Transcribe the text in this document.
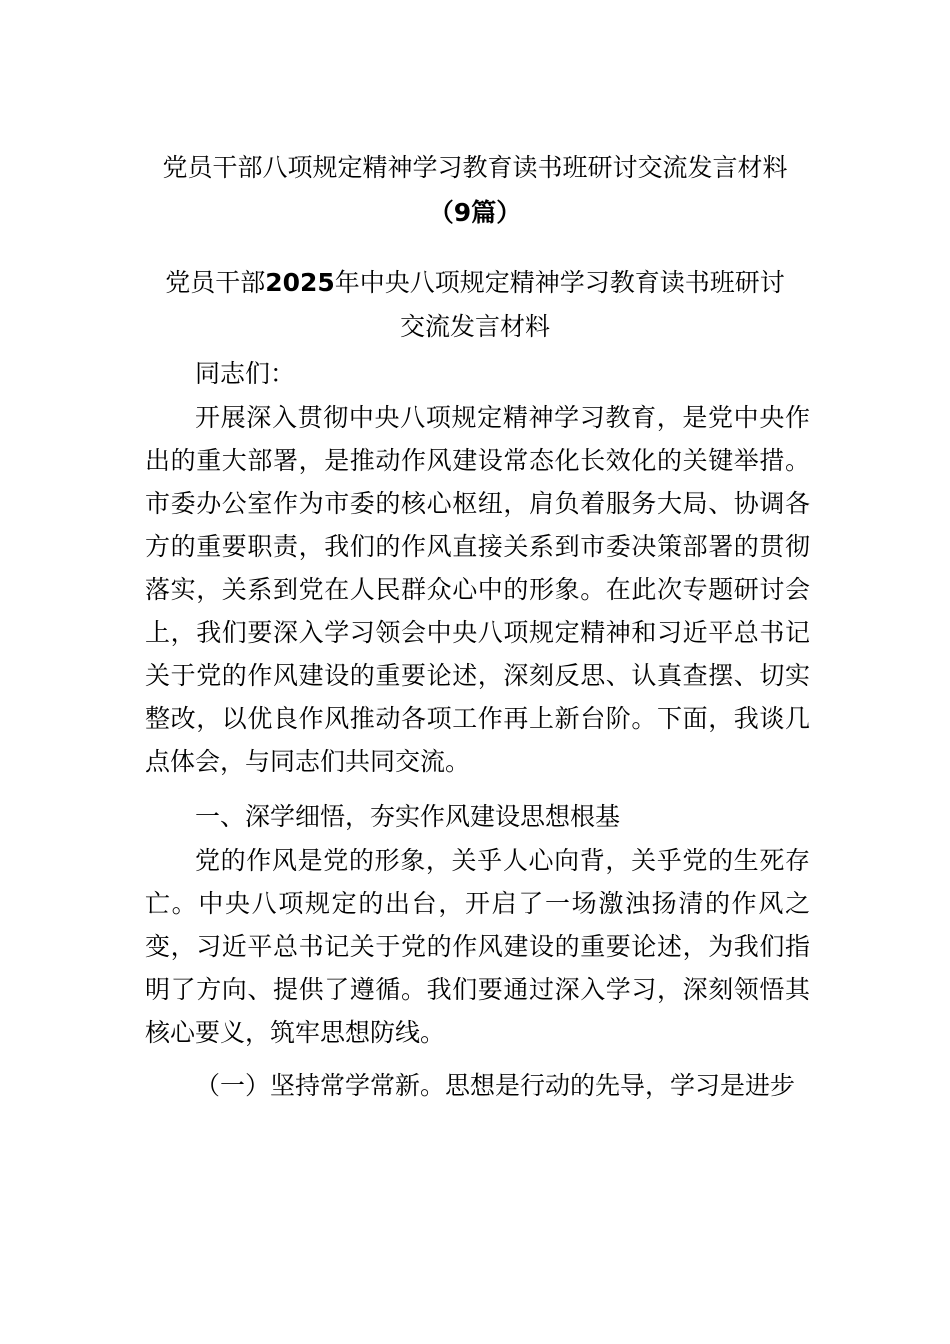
党员干部八项规定精神学习教育读书班研讨交流发言材料
（9篇）
党员干部2025年中央八项规定精神学习教育读书班研讨
交流发言材料

同志们：

开展深入贯彻中央八项规定精神学习教育，是党中央作出的重大部署，是推动作风建设常态化长效化的关键举措。市委办公室作为市委的核心枢纽，肩负着服务大局、协调各方的重要职责，我们的作风直接关系到市委决策部署的贯彻落实，关系到党在人民群众心中的形象。在此次专题研讨会上，我们要深入学习领会中央八项规定精神和习近平总书记关于党的作风建设的重要论述，深刻反思、认真查摆、切实整改，以优良作风推动各项工作再上新台阶。下面，我谈几点体会，与同志们共同交流。

一、深学细悟，夯实作风建设思想根基

党的作风是党的形象，关乎人心向背，关乎党的生死存亡。中央八项规定的出台，开启了一场激浊扬清的作风之变，习近平总书记关于党的作风建设的重要论述，为我们指明了方向、提供了遵循。我们要通过深入学习，深刻领悟其核心要义，筑牢思想防线。

（一）坚持常学常新。思想是行动的先导，学习是进步
